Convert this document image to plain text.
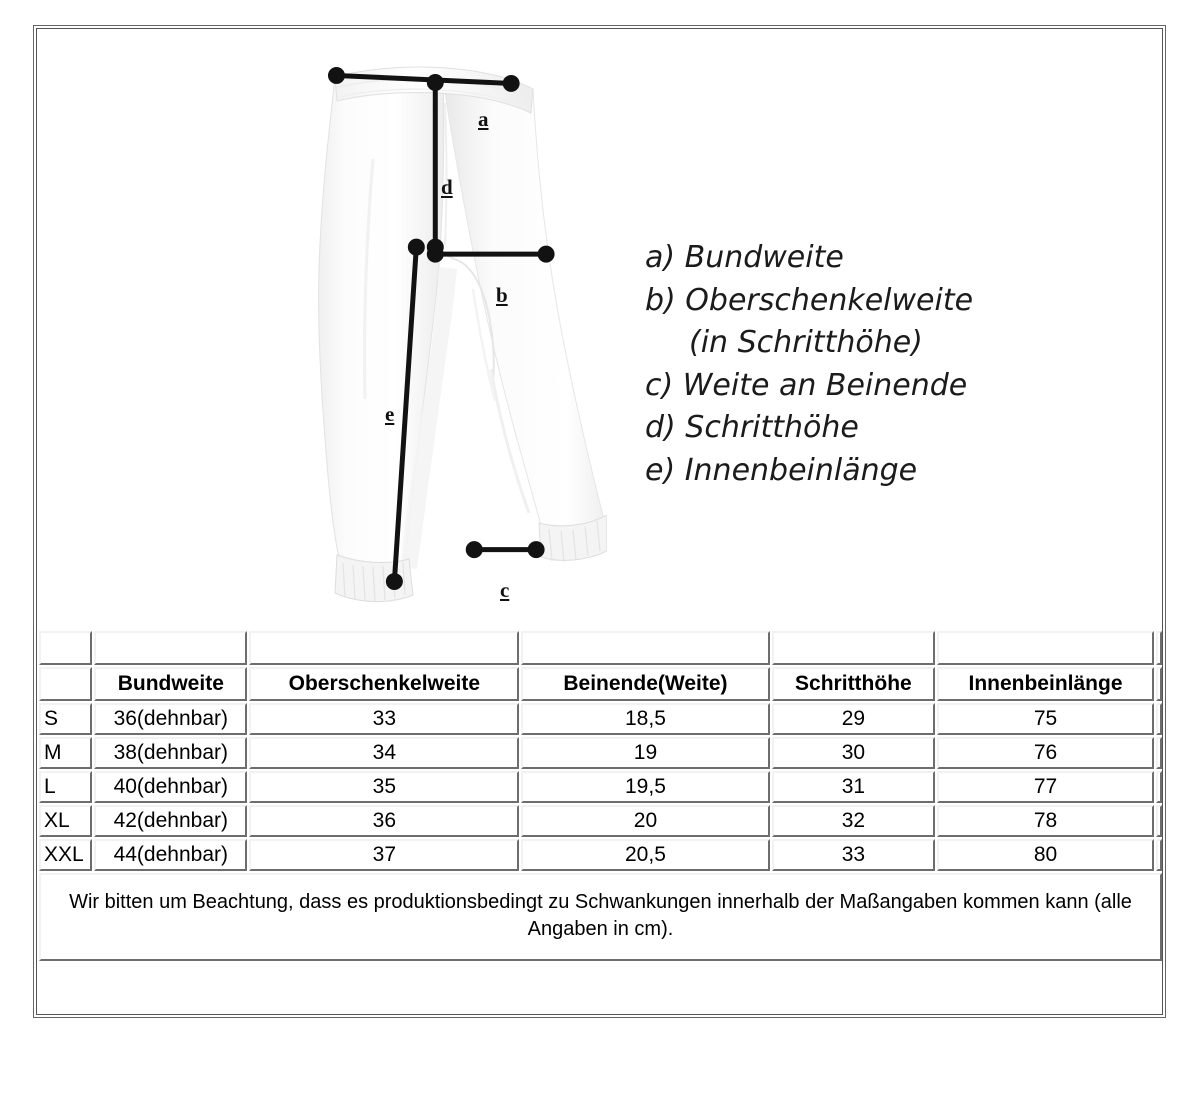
a
d
b
e
c
a) Bundweite
b) Oberschenkelweite
(in Schritthöhe)
c) Weite an Beinende
d) Schritthöhe
e) Innenbeinlänge

	Bundweite	Oberschenkelweite	Beinende(Weite)	Schritthöhe	Innenbeinlänge	
S	36(dehnbar)	33	18,5	29	75	
M	38(dehnbar)	34	19	30	76	
L	40(dehnbar)	35	19,5	31	77	
XL	42(dehnbar)	36	20	32	78	
XXL	44(dehnbar)	37	20,5	33	80	
Wir bitten um Beachtung, dass es produktionsbedingt zu Schwankungen innerhalb der Maßangaben kommen kann (alle Angaben in cm).						
